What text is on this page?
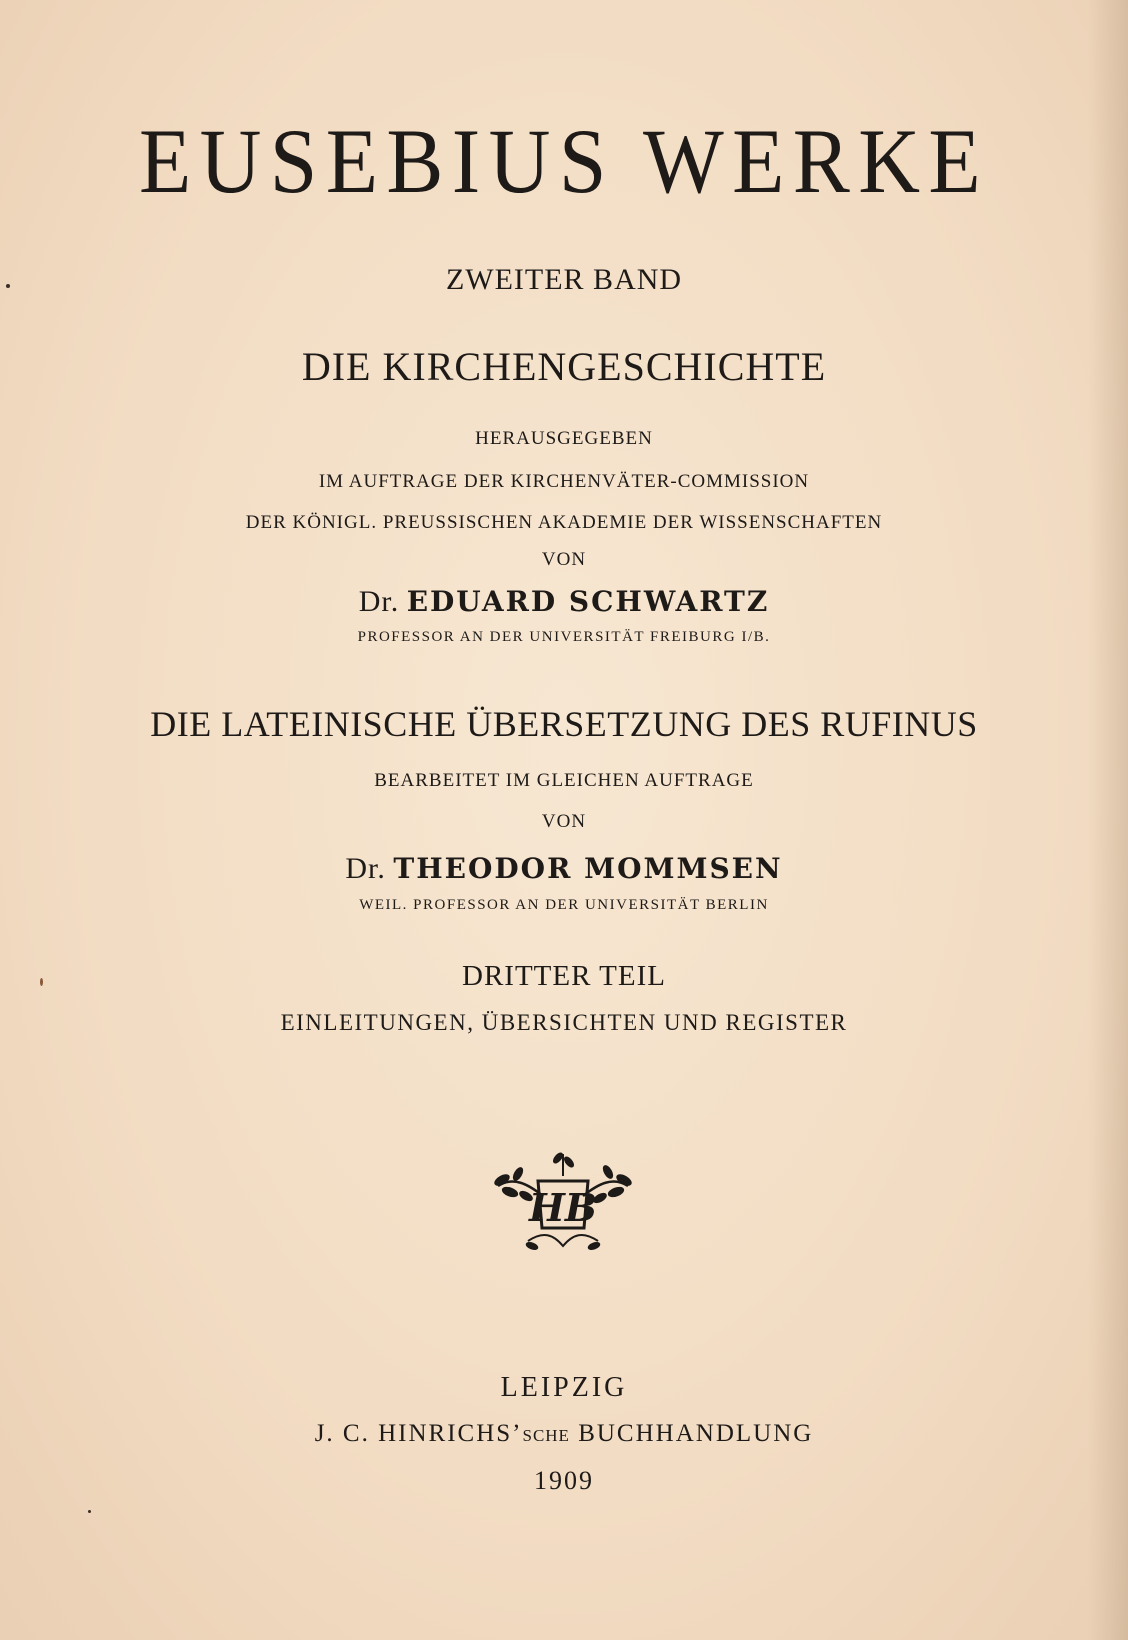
EUSEBIUS WERKE
ZWEITER BAND
DIE KIRCHENGESCHICHTE
HERAUSGEGEBEN
IM AUFTRAGE DER KIRCHENVÄTER-COMMISSION
DER KÖNIGL. PREUSSISCHEN AKADEMIE DER WISSENSCHAFTEN
VON
Dr. EDUARD SCHWARTZ
PROFESSOR AN DER UNIVERSITÄT FREIBURG I/B.
DIE LATEINISCHE ÜBERSETZUNG DES RUFINUS
BEARBEITET IM GLEICHEN AUFTRAGE
VON
Dr. THEODOR MOMMSEN
WEIL. PROFESSOR AN DER UNIVERSITÄT BERLIN
DRITTER TEIL
EINLEITUNGEN, ÜBERSICHTEN UND REGISTER
HB
LEIPZIG
J. C. HINRICHS’SCHE BUCHHANDLUNG
1909
